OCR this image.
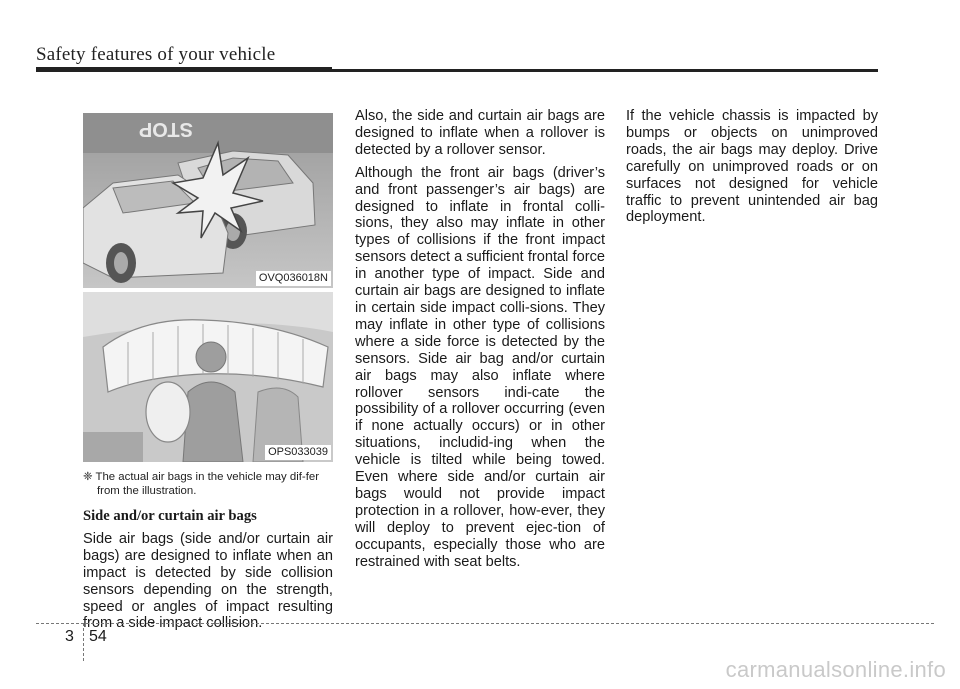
Safety features of your vehicle
STOP
OVQ036018N
OPS033039
❈ The actual air bags in the vehicle may dif-fer from the illustration.
Side and/or curtain air bags

Side air bags (side and/or curtain air bags) are designed to inflate when an impact is detected by side collision sensors depending on the strength, speed or angles of impact resulting from a side impact collision.

Also, the side and curtain air bags are designed to inflate when a rollover is detected by a rollover sensor.

Although the front air bags (driver’s and front passenger’s air bags) are designed to inflate in frontal colli-sions, they also may inflate in other types of collisions if the front impact sensors detect a sufficient frontal force in another type of impact. Side and curtain air bags are designed to inflate in certain side impact colli-sions. They may inflate in other type of collisions where a side force is detected by the sensors. Side air bag and/or curtain air bags may also inflate where rollover sensors indi-cate the possibility of a rollover occurring (even if none actually occurs) or in other situations, includid-ing when the vehicle is tilted while being towed. Even where side and/or curtain air bags would not provide impact protection in a rollover, how-ever, they will deploy to prevent ejec-tion of occupants, especially those who are restrained with seat belts.

If the vehicle chassis is impacted by bumps or objects on unimproved roads, the air bags may deploy. Drive carefully on unimproved roads or on surfaces not designed for vehicle traffic to prevent unintended air bag deployment.

3 54
carmanualsonline.info
